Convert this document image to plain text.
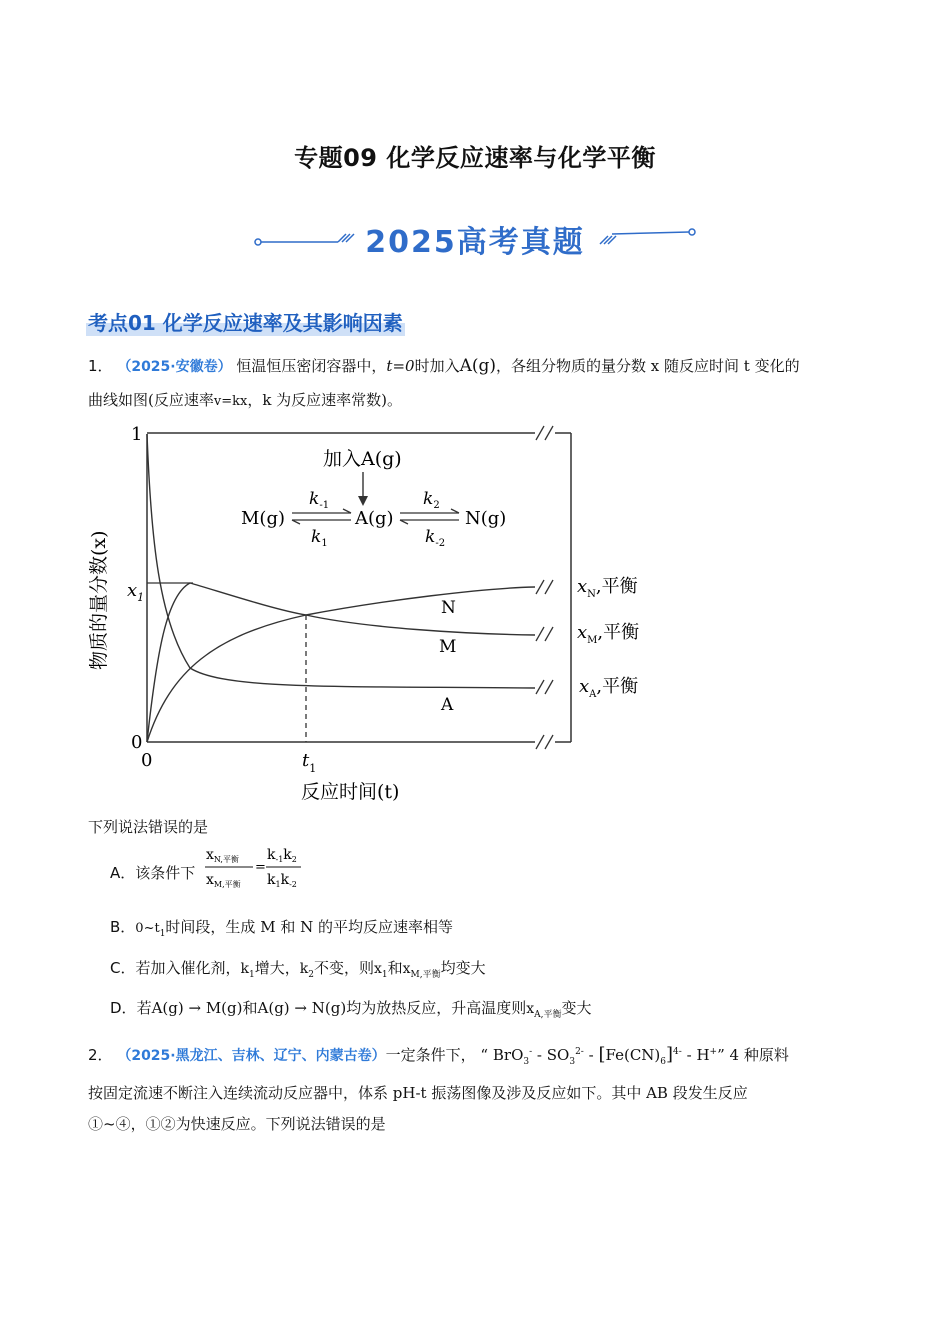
专题09 化学反应速率与化学平衡
2025高考真题
考点01 化学反应速率及其影响因素
1． （2025·安徽卷） 恒温恒压密闭容器中，t=0时加入A(g)，各组分物质的量分数 x 随反应时间 t 变化的
曲线如图(反应速率v=kx，k 为反应速率常数)。
1
0
0
$x_1$
$t_1$
物质的量分数(x)
反应时间(t)
加入A(g)
M(g)	A(g)	N(g)
$k_{-1}$
$k_1$
$k_2$
$k_{-2}$
N
M
A
$x_N$,平衡
$x_M$,平衡
$x_A$,平衡
下列说法错误的是
A．该条件下
$x_{N,平衡}$
$x_{M,平衡}$
=
$k_{-1}k_2$
$k_1k_{-2}$
B．$0\sim t_1$时间段，生成 M 和 N 的平均反应速率相等
C．若加入催化剂，$k_1$增大，$k_2$不变，则$x_1$和$x_{M,平衡}$均变大
D．若A(g) → M(g)和A(g) → N(g)均为放热反应，升高温度则$x_{A,平衡}$变大
2． （2025·黑龙江、吉林、辽宁、内蒙古卷）一定条件下， “ $BrO_3^- - SO_3^{2-} - [Fe(CN)_6]^{4-} - H^+$” 4 种原料
按固定流速不断注入连续流动反应器中，体系 pH-t 振荡图像及涉及反应如下。其中 AB 段发生反应
①~④，①②为快速反应。下列说法错误的是
